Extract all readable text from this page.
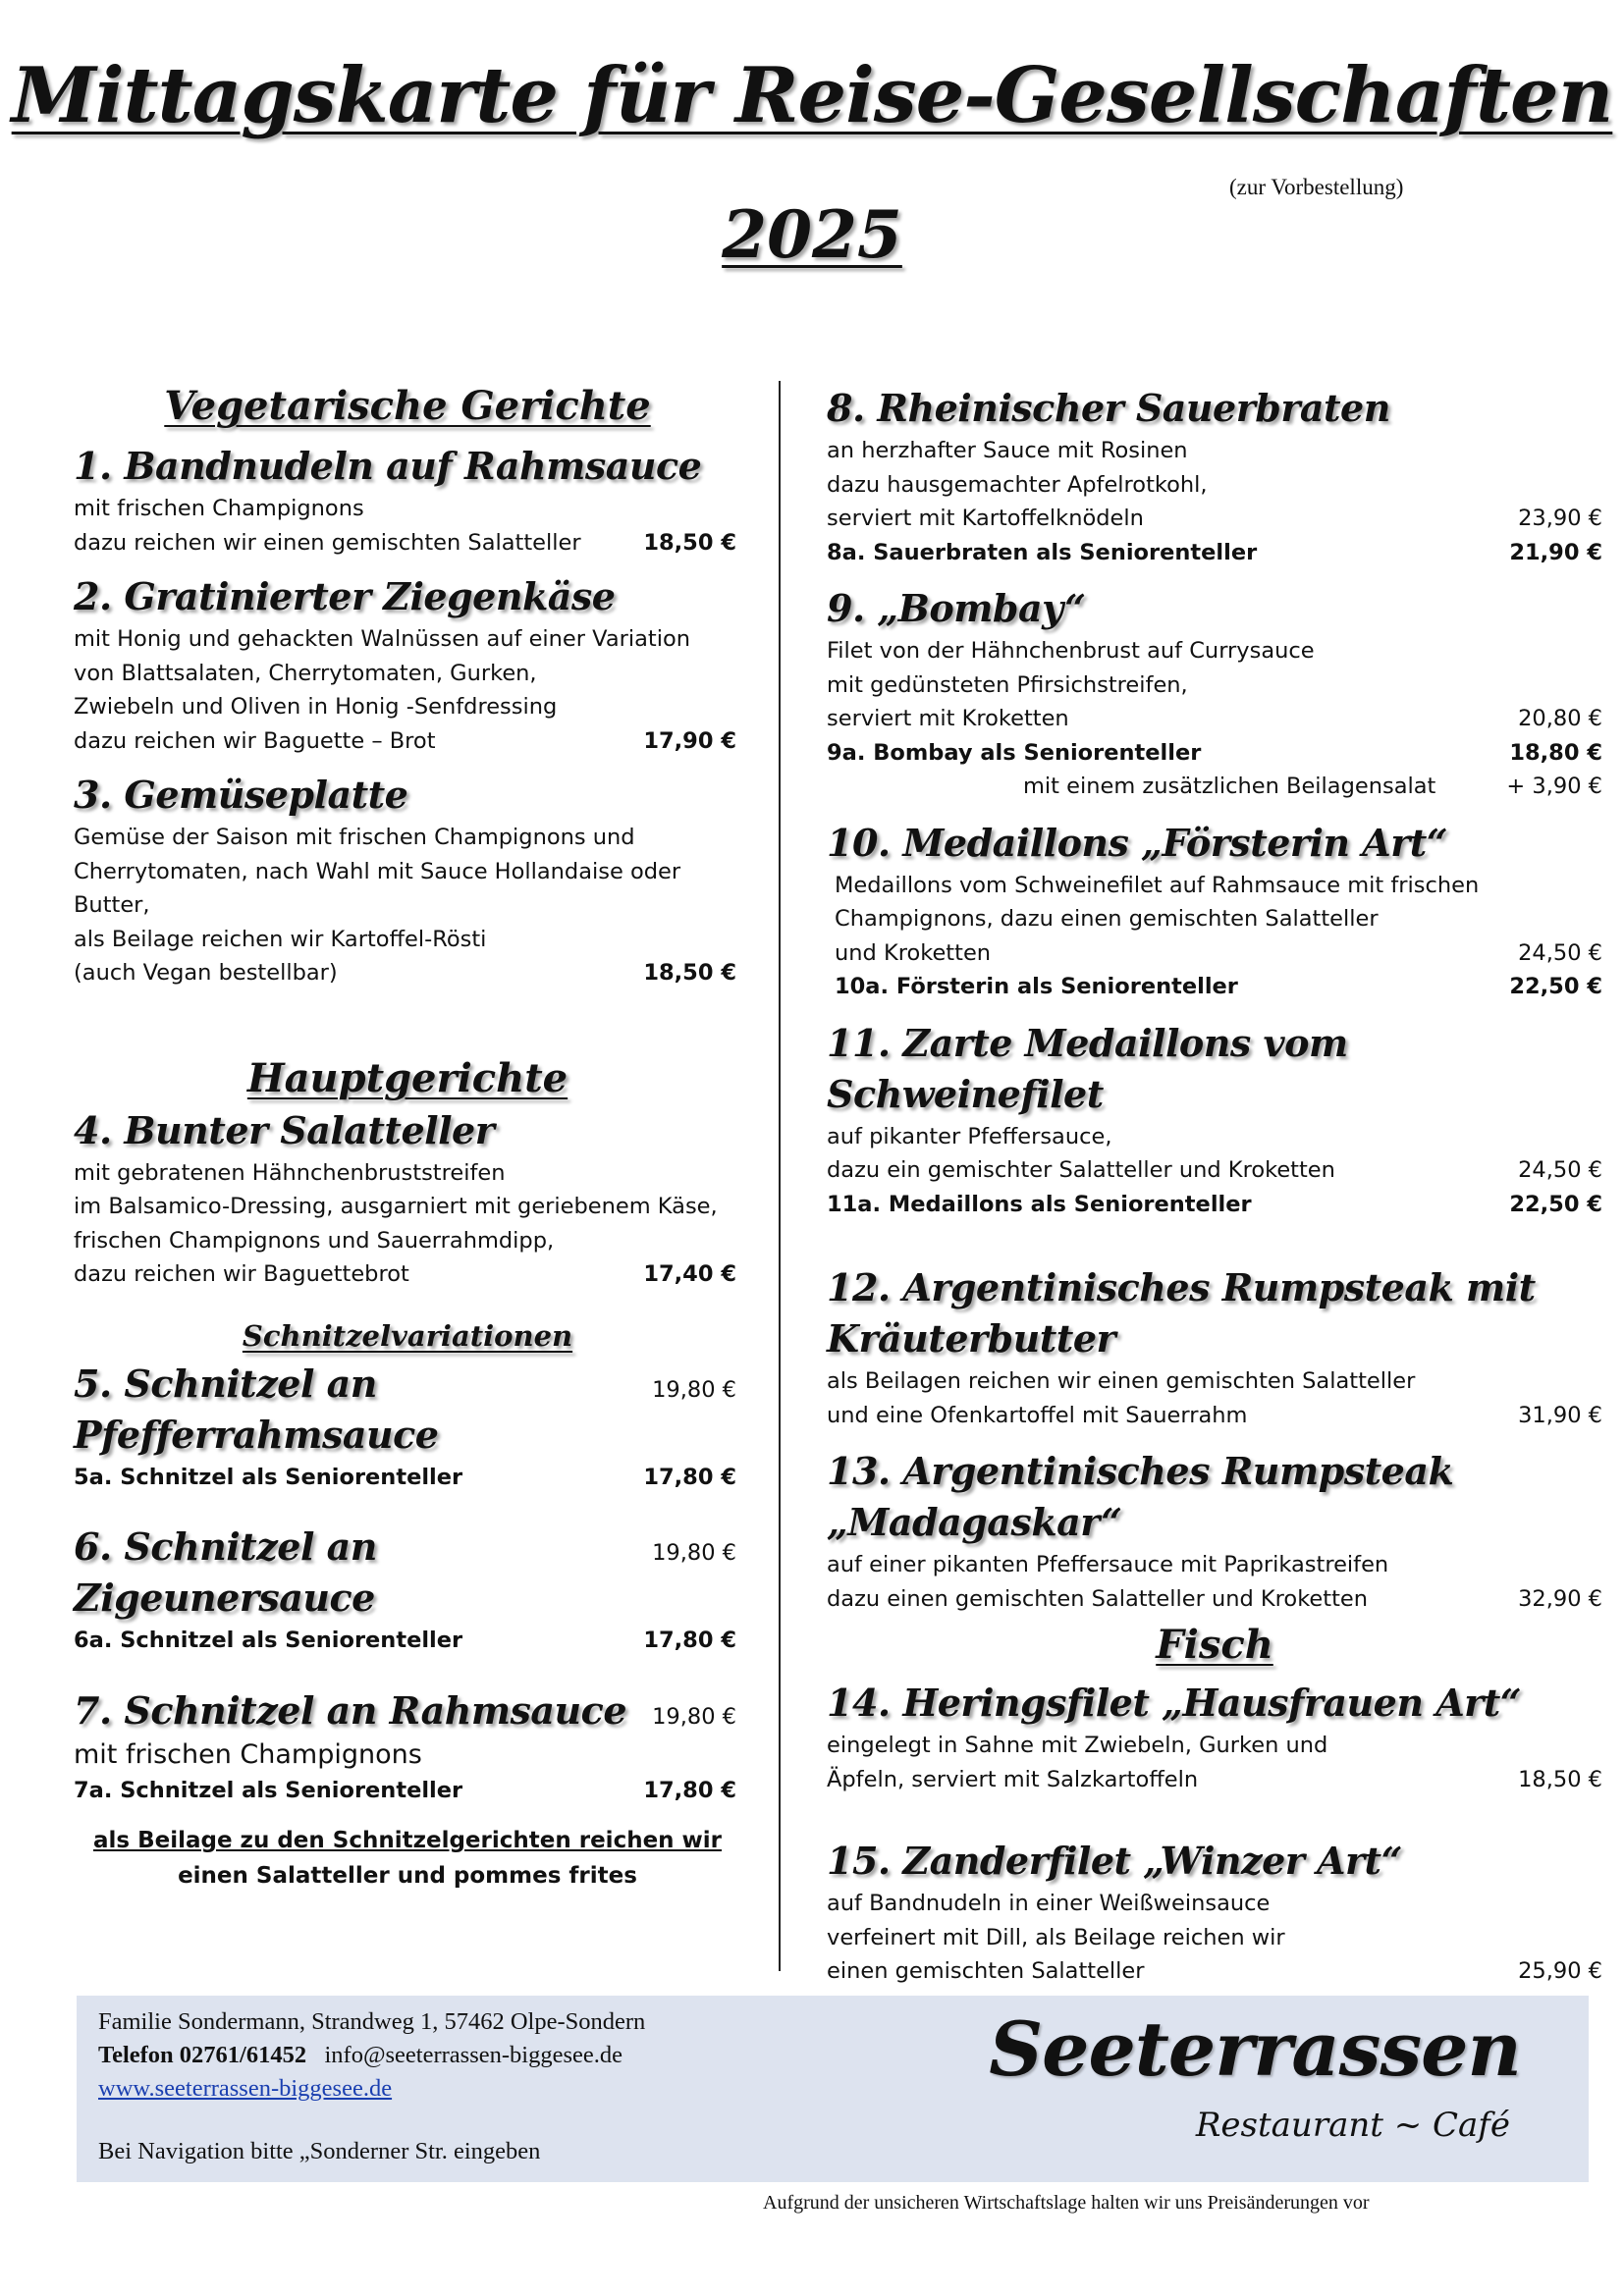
Mittagskarte für Reise-Gesellschaften
(zur Vorbestellung)
2025
Vegetarische Gerichte
1. Bandnudeln auf Rahmsauce
mit frischen Champignons
dazu reichen wir einen gemischten Salatteller	18,50 €
2. Gratinierter Ziegenkäse
mit Honig und gehackten Walnüssen auf einer Variation
von Blattsalaten, Cherrytomaten, Gurken,
Zwiebeln und Oliven in Honig -Senfdressing
dazu reichen wir Baguette – Brot	17,90 €
3. Gemüseplatte
Gemüse der Saison mit frischen Champignons und
Cherrytomaten, nach Wahl mit Sauce Hollandaise oder Butter,
als Beilage reichen wir Kartoffel-Rösti
(auch Vegan bestellbar)	18,50 €
Hauptgerichte
4. Bunter Salatteller
mit gebratenen Hähnchenbruststreifen
im Balsamico-Dressing, ausgarniert mit geriebenem Käse,
frischen Champignons und Sauerrahmdipp,
dazu reichen wir Baguettebrot	17,40 €
Schnitzelvariationen
5. Schnitzel an Pfefferrahmsauce
19,80 €
5a. Schnitzel als Seniorenteller	17,80 €
6. Schnitzel an Zigeunersauce
19,80 €
6a. Schnitzel als Seniorenteller	17,80 €
7. Schnitzel an Rahmsauce 19,80 €
mit frischen Champignons
7a. Schnitzel als Seniorenteller	17,80 €
als Beilage zu den Schnitzelgerichten reichen wir
einen Salatteller und pommes frites
8. Rheinischer Sauerbraten
an herzhafter Sauce mit Rosinen
dazu hausgemachter Apfelrotkohl,
serviert mit Kartoffelknödeln	23,90 €
8a. Sauerbraten als Seniorenteller	21,90 €
9. „Bombay“
Filet von der Hähnchenbrust auf Currysauce
mit gedünsteten Pfirsichstreifen,
serviert mit Kroketten	20,80 €
9a. Bombay als Seniorenteller	18,80 €
mit einem zusätzlichen Beilagensalat	+ 3,90 €
10. Medaillons „Försterin Art“
Medaillons vom Schweinefilet auf Rahmsauce mit frischen
Champignons, dazu einen gemischten Salatteller
und Kroketten	24,50 €
10a. Försterin als Seniorenteller	22,50 €
11. Zarte Medaillons vom Schweinefilet
auf pikanter Pfeffersauce,
dazu ein gemischter Salatteller und Kroketten	24,50 €
11a. Medaillons als Seniorenteller	22,50 €
12. Argentinisches Rumpsteak mit Kräuterbutter
als Beilagen reichen wir einen gemischten Salatteller
und eine Ofenkartoffel mit Sauerrahm	31,90 €
13. Argentinisches Rumpsteak „Madagaskar“
auf einer pikanten Pfeffersauce mit Paprikastreifen
dazu einen gemischten Salatteller und Kroketten	32,90 €
Fisch
14. Heringsfilet „Hausfrauen Art“
eingelegt in Sahne mit Zwiebeln, Gurken und
Äpfeln, serviert mit Salzkartoffeln	18,50 €
15. Zanderfilet „Winzer Art“
auf Bandnudeln in einer Weißweinsauce
verfeinert mit Dill, als Beilage reichen wir
einen gemischten Salatteller	25,90 €
Familie Sondermann, Strandweg 1, 57462 Olpe-Sondern
Telefon 02761/61452 info@seeterrassen-biggesee.de
www.seeterrassen-biggesee.de
Bei Navigation bitte „Sonderner Str. eingeben
Seeterrassen
Restaurant ~ Café
Aufgrund der unsicheren Wirtschaftslage halten wir uns Preisänderungen vor
